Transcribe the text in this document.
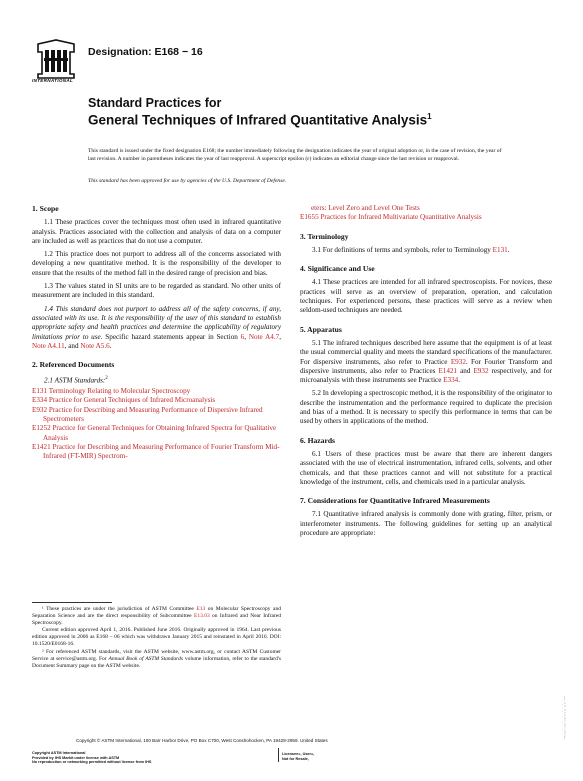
INTERNATIONAL
Designation: E168 − 16
Standard Practices for
General Techniques of Infrared Quantitative Analysis$^1$
This standard is issued under the fixed designation E168; the number immediately following the designation indicates the year of original adoption or, in the case of revision, the year of last revision. A number in parentheses indicates the year of last reapproval. A superscript epsilon (ε) indicates an editorial change since the last revision or reapproval.
This standard has been approved for use by agencies of the U.S. Department of Defense.
1. Scope

1.1 These practices cover the techniques most often used in infrared quantitative analysis. Practices associated with the collection and analysis of data on a computer are included as well as practices that do not use a computer.

1.2 This practice does not purport to address all of the concerns associated with developing a new quantitative method. It is the responsibility of the developer to ensure that the results of the method fall in the desired range of precision and bias.

1.3 The values stated in SI units are to be regarded as standard. No other units of measurement are included in this standard.

1.4 This standard does not purport to address all of the safety concerns, if any, associated with its use. It is the responsibility of the user of this standard to establish appropriate safety and health practices and determine the applicability of regulatory limitations prior to use. Specific hazard statements appear in Section 6, Note A4.7, Note A4.11, and Note A5.6.

2. Referenced Documents

2.1 ASTM Standards:$^2$

E131 Terminology Relating to Molecular Spectroscopy

E334 Practice for General Techniques of Infrared Microanalysis

E932 Practice for Describing and Measuring Performance of Dispersive Infrared Spectrometers

E1252 Practice for General Techniques for Obtaining Infrared Spectra for Qualitative Analysis

E1421 Practice for Describing and Measuring Performance of Fourier Transform Mid-Infrared (FT-MIR) Spectrom-

¹ These practices are under the jurisdiction of ASTM Committee E13 on Molecular Spectroscopy and Separation Science and are the direct responsibility of Subcommittee E13.03 on Infrared and Near Infrared Spectroscopy.

Current edition approved April 1, 2016. Published June 2016. Originally approved in 1964. Last previous edition approved in 2006 as E168 – 06 which was withdrawn January 2015 and reinstated in April 2016. DOI: 10.1520/E0168-16.

² For referenced ASTM standards, visit the ASTM website, www.astm.org, or contact ASTM Customer Service at service@astm.org. For Annual Book of ASTM Standards volume information, refer to the standard's Document Summary page on the ASTM website.

eters: Level Zero and Level One Tests

E1655 Practices for Infrared Multivariate Quantitative Analysis

3. Terminology

3.1 For definitions of terms and symbols, refer to Terminology E131.

4. Significance and Use

4.1 These practices are intended for all infrared spectroscopists. For novices, these practices will serve as an overview of preparation, operation, and calculation techniques. For experienced persons, these practices will serve as a review when seldom-used techniques are needed.

5. Apparatus

5.1 The infrared techniques described here assume that the equipment is of at least the usual commercial quality and meets the standard specifications of the manufacturer. For dispersive instruments, also refer to Practice E932. For Fourier Transform and dispersive instruments, also refer to Practices E1421 and E932 respectively, and for microanalysis with these instruments see Practice E334.

5.2 In developing a spectroscopic method, it is the responsibility of the originator to describe the instrumentation and the performance required to duplicate the precision and bias of a method. It is necessary to specify this performance in terms that can be used by others in applications of the method.

6. Hazards

6.1 Users of these practices must be aware that there are inherent dangers associated with the use of electrical instrumentation, infrared cells, solvents, and other chemicals, and that these practices cannot and will not substitute for a practical knowledge of the instrument, cells, and chemicals used in a particular analysis.

7. Considerations for Quantitative Infrared Measurements

7.1 Quantitative infrared analysis is commonly done with grating, filter, prism, or interferometer instruments. The following guidelines for setting up an analytical procedure are appropriate:

Copyright © ASTM International, 100 Barr Harbor Drive, PO Box C700, West Conshohocken, PA 19428-2959. United States
Copyright ASTM International
Provided by IHS Markit under license with ASTM
No reproduction or networking permitted without license from IHS
Licensee=, User=,
Not for Resale,
--,,,,,,`,,,,,`,,,,`,,,`,,`,,`,,`---
